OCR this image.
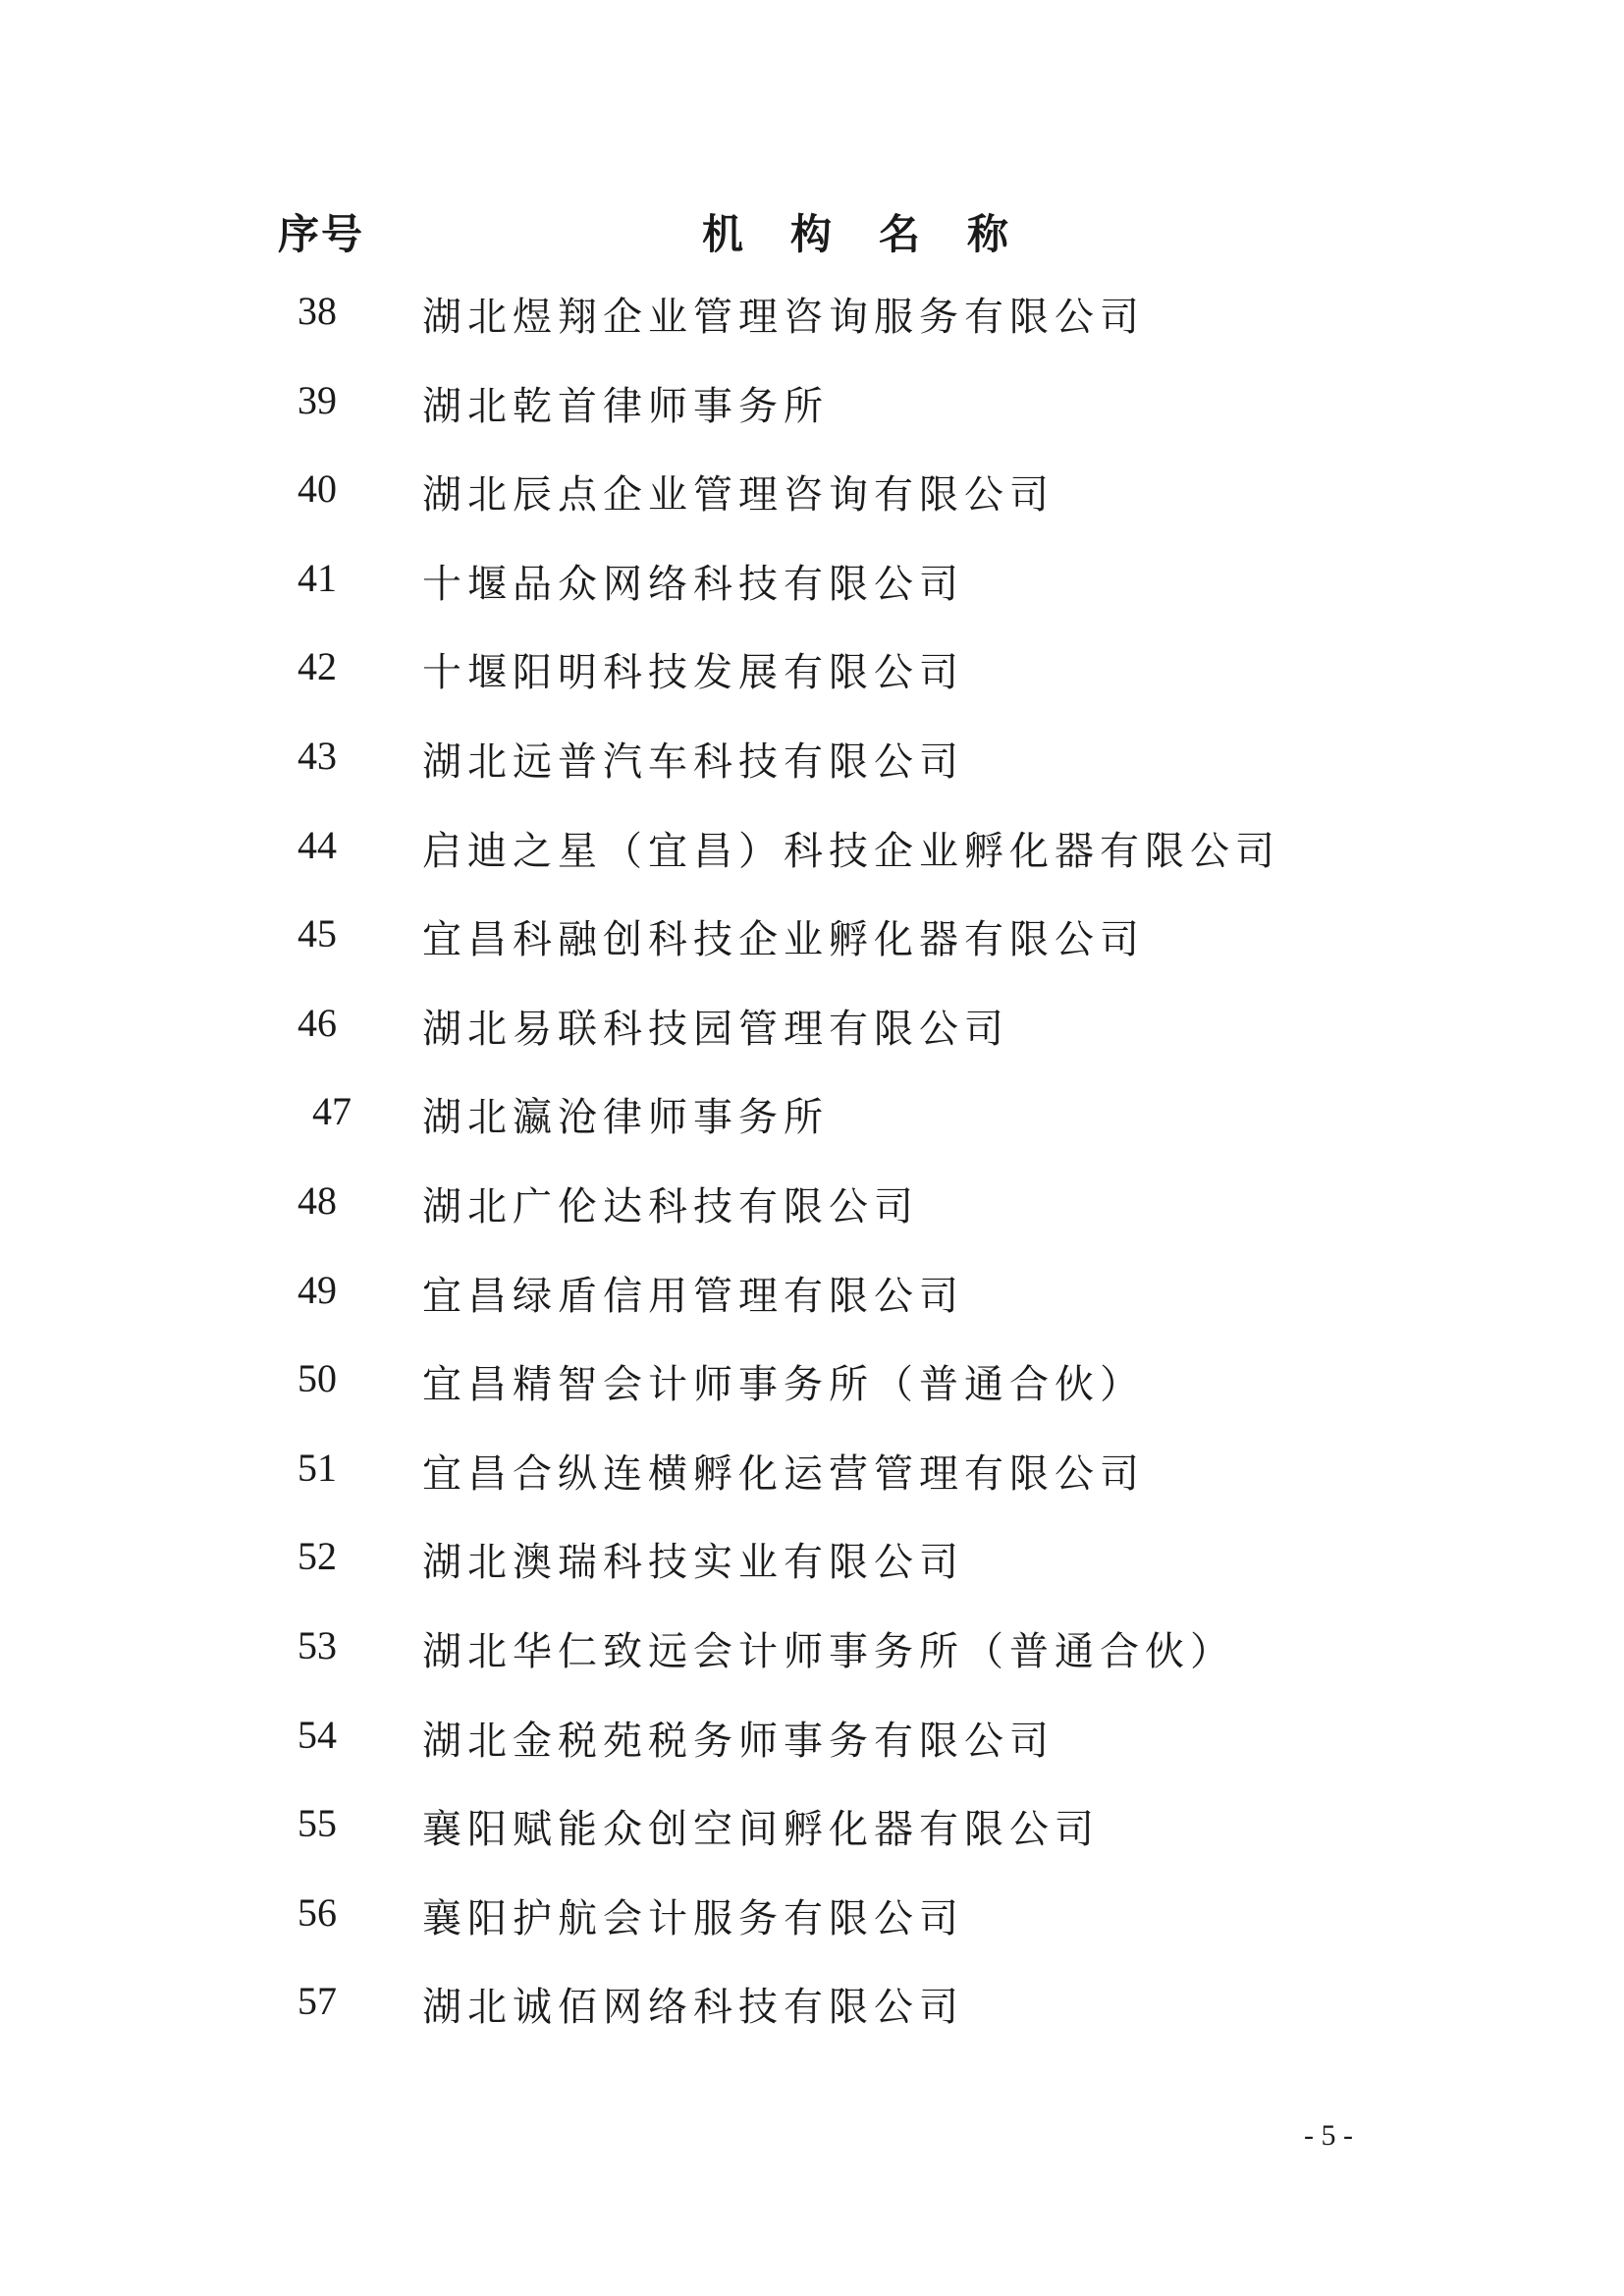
序号	机构名称
38	湖北煜翔企业管理咨询服务有限公司
39	湖北乾首律师事务所
40	湖北辰点企业管理咨询有限公司
41	十堰品众网络科技有限公司
42	十堰阳明科技发展有限公司
43	湖北远普汽车科技有限公司
44	启迪之星（宜昌）科技企业孵化器有限公司
45	宜昌科融创科技企业孵化器有限公司
46	湖北易联科技园管理有限公司
47	湖北瀛沧律师事务所
48	湖北广伦达科技有限公司
49	宜昌绿盾信用管理有限公司
50	宜昌精智会计师事务所（普通合伙）
51	宜昌合纵连横孵化运营管理有限公司
52	湖北澳瑞科技实业有限公司
53	湖北华仁致远会计师事务所（普通合伙）
54	湖北金税苑税务师事务有限公司
55	襄阳赋能众创空间孵化器有限公司
56	襄阳护航会计服务有限公司
57	湖北诚佰网络科技有限公司
- 5 -
